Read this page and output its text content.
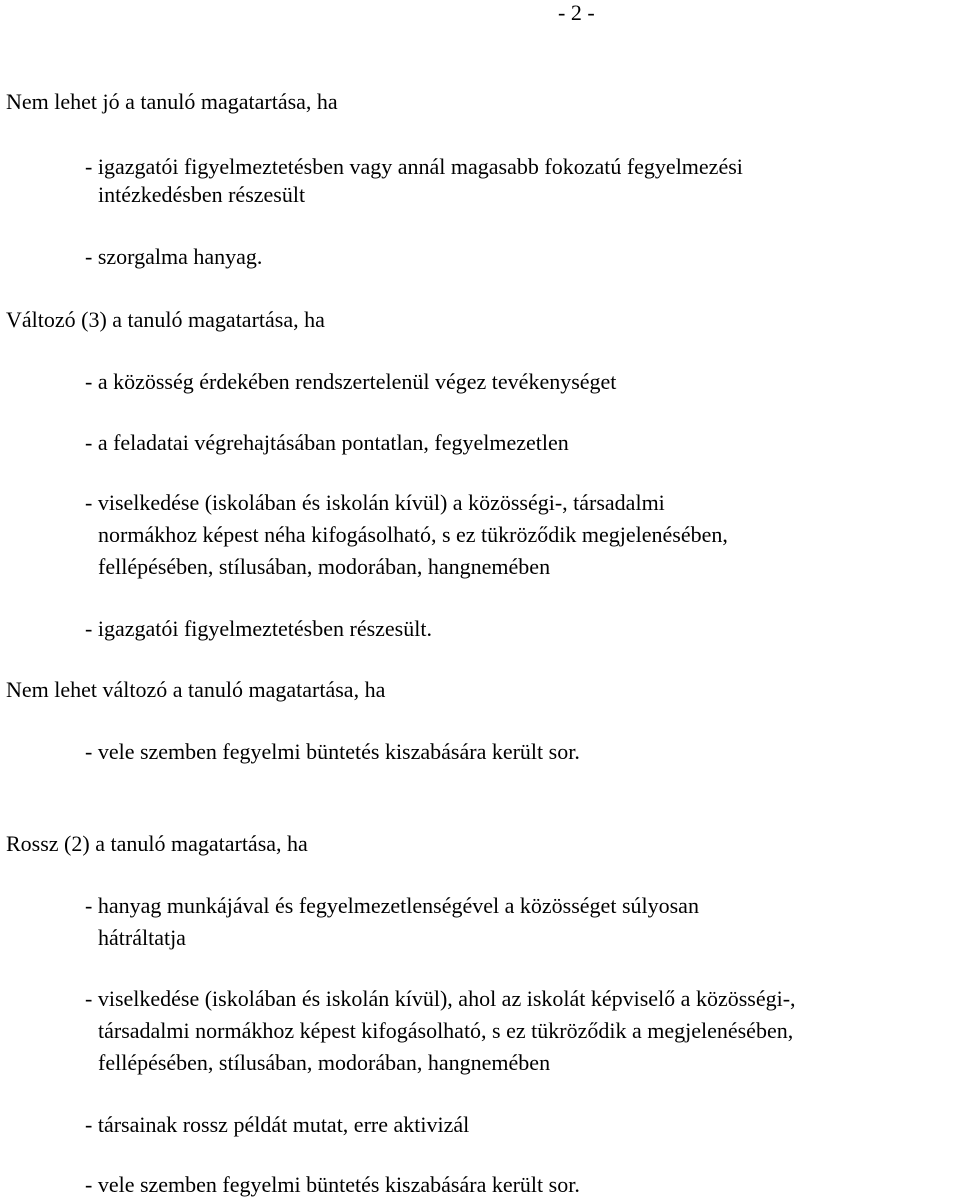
- 2 -

Nem lehet jó a tanuló magatartása, ha

- igazgatói figyelmeztetésben vagy annál magasabb fokozatú fegyelmezési

intézkedésben részesült

- szorgalma hanyag.

Változó (3) a tanuló magatartása, ha

- a közösség érdekében rendszertelenül végez tevékenységet

- a feladatai végrehajtásában pontatlan, fegyelmezetlen

- viselkedése (iskolában és iskolán kívül) a közösségi-, társadalmi

normákhoz képest néha kifogásolható, s ez tükröződik megjelenésében,

fellépésében, stílusában, modorában, hangnemében

- igazgatói figyelmeztetésben részesült.

Nem lehet változó a tanuló magatartása, ha

- vele szemben fegyelmi büntetés kiszabására került sor.

Rossz (2) a tanuló magatartása, ha

- hanyag munkájával és fegyelmezetlenségével a közösséget súlyosan

hátráltatja

- viselkedése (iskolában és iskolán kívül), ahol az iskolát képviselő a közösségi-,

társadalmi normákhoz képest kifogásolható, s ez tükröződik a megjelenésében,

fellépésében, stílusában, modorában, hangnemében

- társainak rossz példát mutat, erre aktivizál

- vele szemben fegyelmi büntetés kiszabására került sor.
